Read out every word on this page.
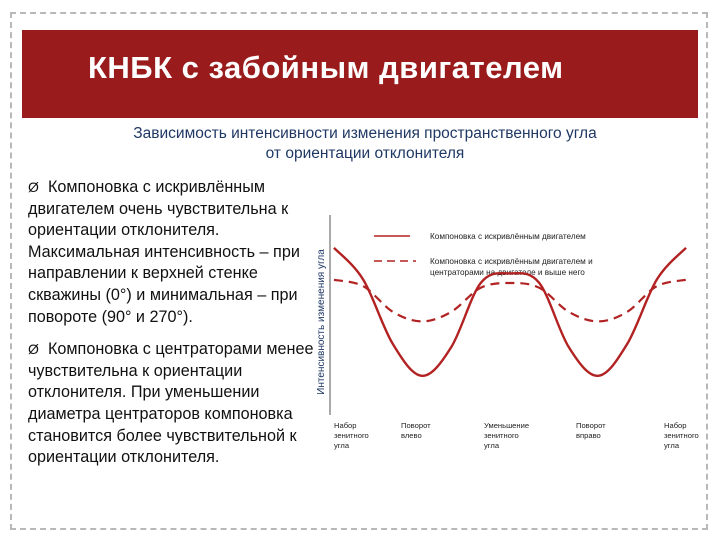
КНБК с забойным двигателем
Зависимость интенсивности изменения пространственного угла
от ориентации отклонителя
Ø Компоновка с искривлённым двигателем очень чувствительна к ориентации отклонителя. Максимальная интенсивность – при направлении к верхней стенке скважины (0°) и минимальная – при повороте (90° и 270°).
Ø Компоновка с центраторами менее чувствительна к ориентации отклонителя. При уменьшении диаметра центраторов компоновка становится более чувствительной к ориентации отклонителя.
Интенсивность изменения угла
Компоновка с искривлённым двигателем
Компоновка с искривлённым двигателем и
центраторами на двигателе и выше него
Набор зенитного угла
Поворот влево
Уменьшение зенитного угла
Поворот вправо
Набор зенитного угла
